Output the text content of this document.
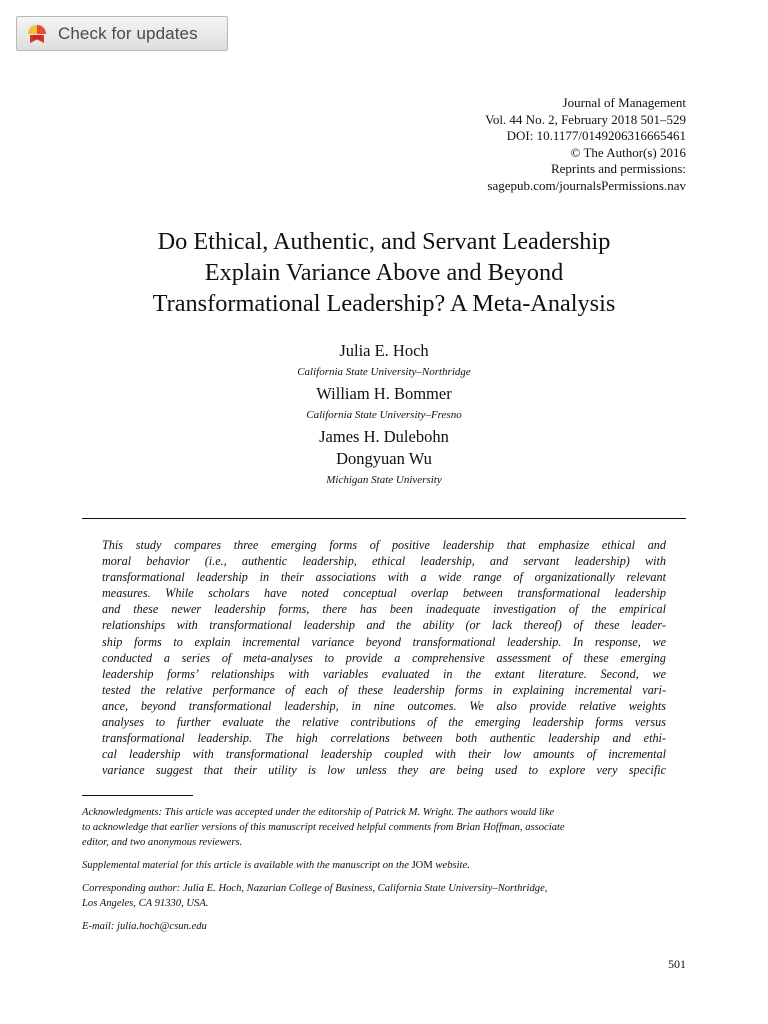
Check for updates
Journal of Management
Vol. 44 No. 2, February 2018 501–529
DOI: 10.1177/0149206316665461
© The Author(s) 2016
Reprints and permissions:
sagepub.com/journalsPermissions.nav
Do Ethical, Authentic, and Servant Leadership
Explain Variance Above and Beyond
Transformational Leadership? A Meta-Analysis
Julia E. Hoch
California State University–Northridge
William H. Bommer
California State University–Fresno
James H. Dulebohn
Dongyuan Wu
Michigan State University
This study compares three emerging forms of positive leadership that emphasize ethical and
moral behavior (i.e., authentic leadership, ethical leadership, and servant leadership) with
transformational leadership in their associations with a wide range of organizationally relevant
measures. While scholars have noted conceptual overlap between transformational leadership
and these newer leadership forms, there has been inadequate investigation of the empirical
relationships with transformational leadership and the ability (or lack thereof) of these leader-
ship forms to explain incremental variance beyond transformational leadership. In response, we
conducted a series of meta-analyses to provide a comprehensive assessment of these emerging
leadership forms’ relationships with variables evaluated in the extant literature. Second, we
tested the relative performance of each of these leadership forms in explaining incremental vari-
ance, beyond transformational leadership, in nine outcomes. We also provide relative weights
analyses to further evaluate the relative contributions of the emerging leadership forms versus
transformational leadership. The high correlations between both authentic leadership and ethi-
cal leadership with transformational leadership coupled with their low amounts of incremental
variance suggest that their utility is low unless they are being used to explore very specific
Acknowledgments: This article was accepted under the editorship of Patrick M. Wright. The authors would like
to acknowledge that earlier versions of this manuscript received helpful comments from Brian Hoffman, associate
editor, and two anonymous reviewers.
Supplemental material for this article is available with the manuscript on the JOM website.
Corresponding author: Julia E. Hoch, Nazarian College of Business, California State University–Northridge,
Los Angeles, CA 91330, USA.
E-mail: julia.hoch@csun.edu
501
